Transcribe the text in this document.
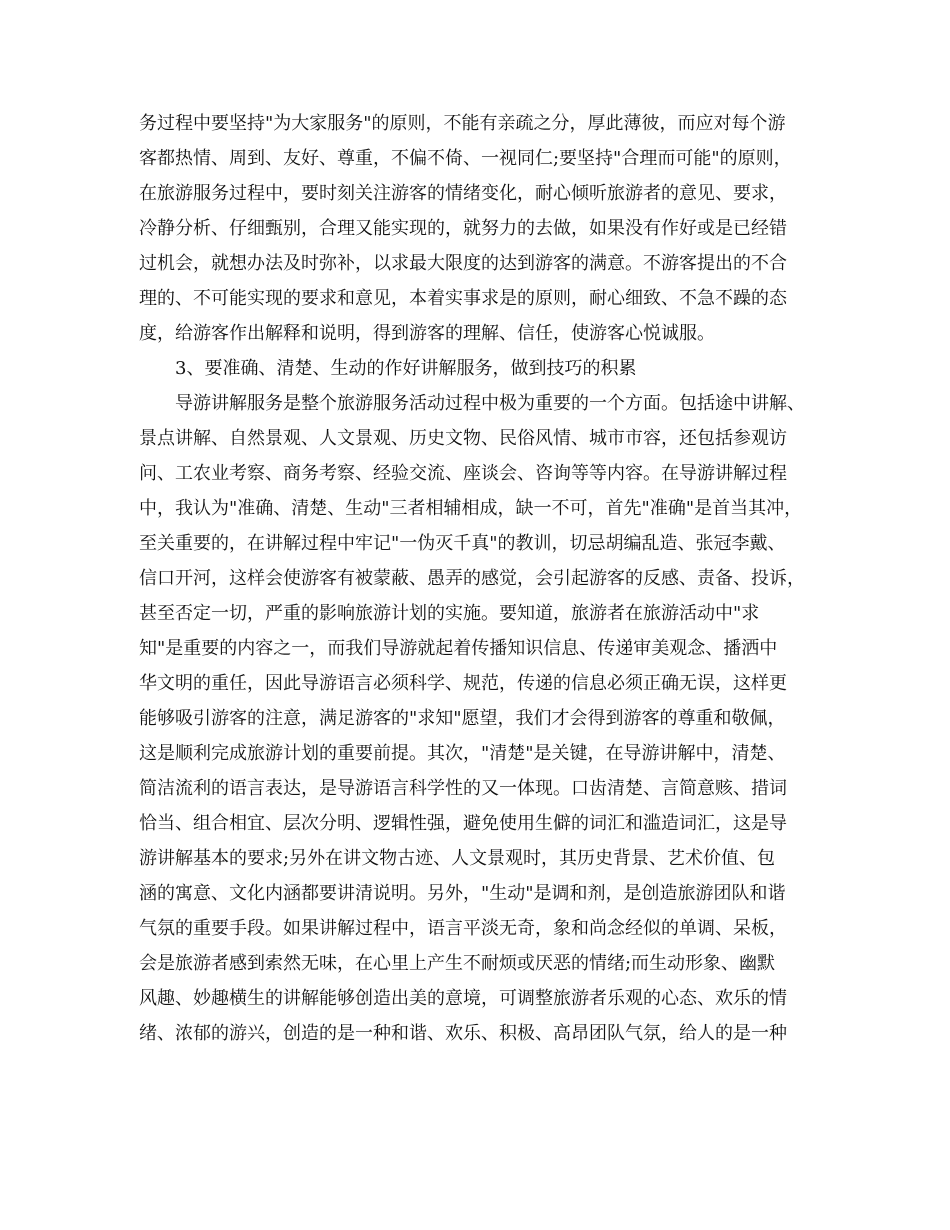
务过程中要坚持"为大家服务"的原则，不能有亲疏之分，厚此薄彼，而应对每个游
客都热情、周到、友好、尊重，不偏不倚、一视同仁;要坚持"合理而可能"的原则，
在旅游服务过程中，要时刻关注游客的情绪变化，耐心倾听旅游者的意见、要求，
冷静分析、仔细甄别，合理又能实现的，就努力的去做，如果没有作好或是已经错
过机会，就想办法及时弥补，以求最大限度的达到游客的满意。不游客提出的不合
理的、不可能实现的要求和意见，本着实事求是的原则，耐心细致、不急不躁的态
度，给游客作出解释和说明，得到游客的理解、信任，使游客心悦诚服。
3、要准确、清楚、生动的作好讲解服务，做到技巧的积累
导游讲解服务是整个旅游服务活动过程中极为重要的一个方面。包括途中讲解、
景点讲解、自然景观、人文景观、历史文物、民俗风情、城市市容，还包括参观访
问、工农业考察、商务考察、经验交流、座谈会、咨询等等内容。在导游讲解过程
中，我认为"准确、清楚、生动"三者相辅相成，缺一不可，首先"准确"是首当其冲，
至关重要的，在讲解过程中牢记"一伪灭千真"的教训，切忌胡编乱造、张冠李戴、
信口开河，这样会使游客有被蒙蔽、愚弄的感觉，会引起游客的反感、责备、投诉，
甚至否定一切，严重的影响旅游计划的实施。要知道，旅游者在旅游活动中"求
知"是重要的内容之一，而我们导游就起着传播知识信息、传递审美观念、播洒中
华文明的重任，因此导游语言必须科学、规范，传递的信息必须正确无误，这样更
能够吸引游客的注意，满足游客的"求知"愿望，我们才会得到游客的尊重和敬佩，
这是顺利完成旅游计划的重要前提。其次，"清楚"是关键，在导游讲解中，清楚、
简洁流利的语言表达，是导游语言科学性的又一体现。口齿清楚、言简意赅、措词
恰当、组合相宜、层次分明、逻辑性强，避免使用生僻的词汇和滥造词汇，这是导
游讲解基本的要求;另外在讲文物古迹、人文景观时，其历史背景、艺术价值、包
涵的寓意、文化内涵都要讲清说明。另外，"生动"是调和剂，是创造旅游团队和谐
气氛的重要手段。如果讲解过程中，语言平淡无奇，象和尚念经似的单调、呆板，
会是旅游者感到索然无味，在心里上产生不耐烦或厌恶的情绪;而生动形象、幽默
风趣、妙趣横生的讲解能够创造出美的意境，可调整旅游者乐观的心态、欢乐的情
绪、浓郁的游兴，创造的是一种和谐、欢乐、积极、高昂团队气氛，给人的是一种
